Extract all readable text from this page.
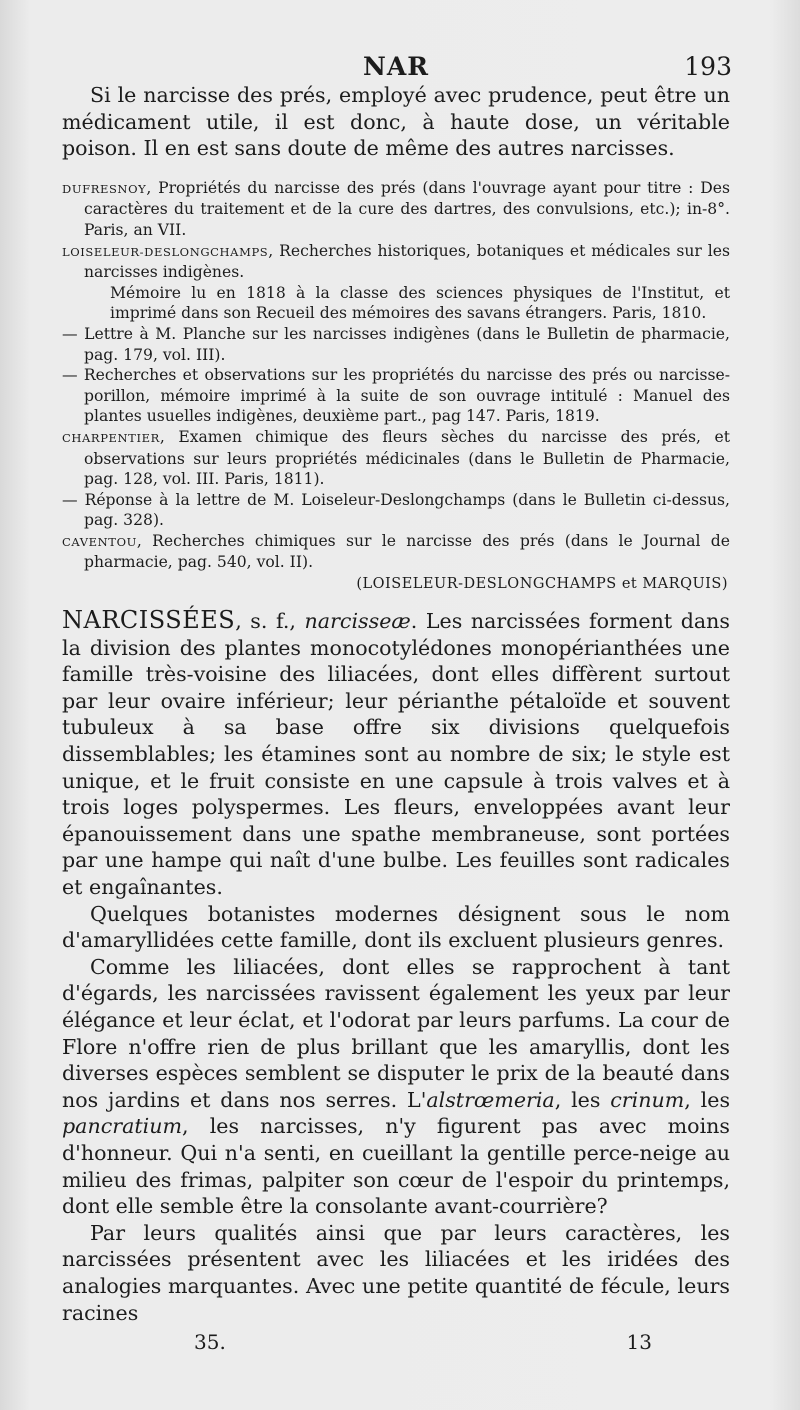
NAR	193

Si le narcisse des prés, employé avec prudence, peut être un médicament utile, il est donc, à haute dose, un véritable poison. Il en est sans doute de même des autres narcisses.

DUFRESNOY, Propriétés du narcisse des prés (dans l'ouvrage ayant pour titre : Des caractères du traitement et de la cure des dartres, des convulsions, etc.); in-8°. Paris, an VII.

LOISELEUR-DESLONGCHAMPS, Recherches historiques, botaniques et médicales sur les narcisses indigènes.

Mémoire lu en 1818 à la classe des sciences physiques de l'Institut, et imprimé dans son Recueil des mémoires des savans étrangers. Paris, 1810.

— Lettre à M. Planche sur les narcisses indigènes (dans le Bulletin de pharmacie, pag. 179, vol. III).

— Recherches et observations sur les propriétés du narcisse des prés ou narcisse-porillon, mémoire imprimé à la suite de son ouvrage intitulé : Manuel des plantes usuelles indigènes, deuxième part., pag 147. Paris, 1819.

CHARPENTIER, Examen chimique des fleurs sèches du narcisse des prés, et observations sur leurs propriétés médicinales (dans le Bulletin de Pharmacie, pag. 128, vol. III. Paris, 1811).

— Réponse à la lettre de M. Loiseleur-Deslongchamps (dans le Bulletin ci-dessus, pag. 328).

CAVENTOU, Recherches chimiques sur le narcisse des prés (dans le Journal de pharmacie, pag. 540, vol. II).

(LOISELEUR-DESLONGCHAMPS et MARQUIS)

NARCISSÉES, s. f., narcisseæ. Les narcissées forment dans la division des plantes monocotylédones monopérianthées une famille très-voisine des liliacées, dont elles diffèrent surtout par leur ovaire inférieur; leur périanthe pétaloïde et souvent tubuleux à sa base offre six divisions quelquefois dissemblables; les étamines sont au nombre de six; le style est unique, et le fruit consiste en une capsule à trois valves et à trois loges polyspermes. Les fleurs, enveloppées avant leur épanouissement dans une spathe membraneuse, sont portées par une hampe qui naît d'une bulbe. Les feuilles sont radicales et engaînantes.

Quelques botanistes modernes désignent sous le nom d'amaryllidées cette famille, dont ils excluent plusieurs genres.

Comme les liliacées, dont elles se rapprochent à tant d'égards, les narcissées ravissent également les yeux par leur élégance et leur éclat, et l'odorat par leurs parfums. La cour de Flore n'offre rien de plus brillant que les amaryllis, dont les diverses espèces semblent se disputer le prix de la beauté dans nos jardins et dans nos serres. L'alstrœmeria, les crinum, les pancratium, les narcisses, n'y figurent pas avec moins d'honneur. Qui n'a senti, en cueillant la gentille perce-neige au milieu des frimas, palpiter son cœur de l'espoir du printemps, dont elle semble être la consolante avant-courrière?

Par leurs qualités ainsi que par leurs caractères, les narcissées présentent avec les liliacées et les iridées des analogies marquantes. Avec une petite quantité de fécule, leurs racines

35.	13
